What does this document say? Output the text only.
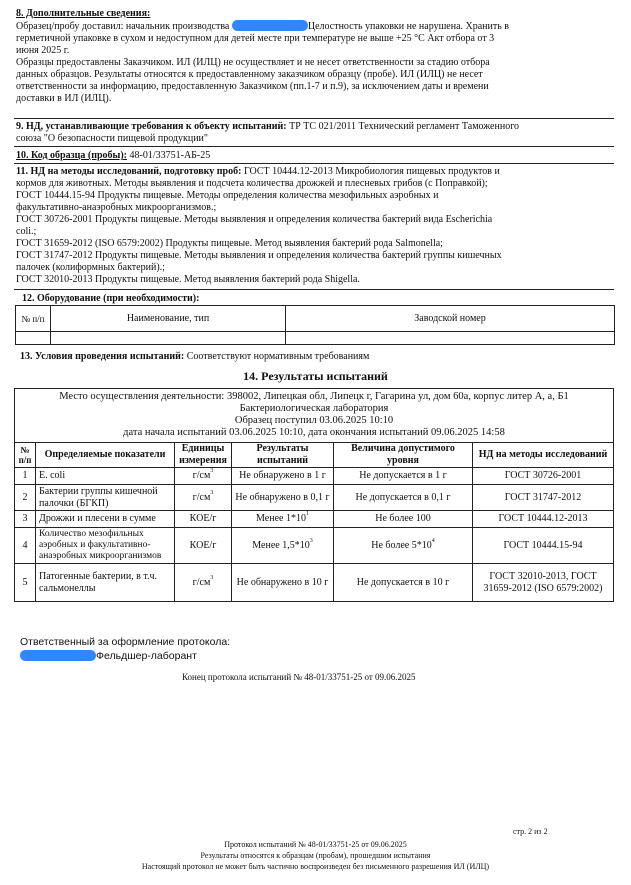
8. Дополнительные сведения:
Образец/пробу доставил: начальник производства	Целостность упаковки не нарушена. Хранить в
герметичной упаковке в сухом и недоступном для детей месте при температуре не выше +25 °С Акт отбора от 3
июня 2025 г.
Образцы предоставлены Заказчиком. ИЛ (ИЛЦ) не осуществляет и не несет ответственности за стадию отбора
данных образцов. Результаты относятся к предоставленному заказчиком образцу (пробе). ИЛ (ИЛЦ) не несет
ответственности за информацию, предоставленную Заказчиком (пп.1-7 и п.9), за исключением даты и времени
доставки в ИЛ (ИЛЦ).
9. НД, устанавливающие требования к объекту испытаний: ТР ТС 021/2011 Технический регламент Таможенного
союза "О безопасности пищевой продукции"
10. Код образца (пробы): 48-01/33751-АБ-25
11. НД на методы исследований, подготовку проб: ГОСТ 10444.12-2013 Микробиология пищевых продуктов и
кормов для животных. Методы выявления и подсчета количества дрожжей и плесневых грибов (с Поправкой);
ГОСТ 10444.15-94 Продукты пищевые. Методы определения количества мезофильных аэробных и
факультативно-анаэробных микроорганизмов.;
ГОСТ 30726-2001 Продукты пищевые. Методы выявления и определения количества бактерий вида Escherichia
coli.;
ГОСТ 31659-2012 (ISO 6579:2002) Продукты пищевые. Метод выявления бактерий рода Salmonella;
ГОСТ 31747-2012 Продукты пищевые. Методы выявления и определения количества бактерий группы кишечных
палочек (колиформных бактерий).;
ГОСТ 32010-2013 Продукты пищевые. Метод выявления бактерий рода Shigella.
12. Оборудование (при необходимости):
№ п/п	Наименование, тип	Заводской номер

13. Условия проведения испытаний: Соответствуют нормативным требованиям
14. Результаты испытаний
Место осуществления деятельности: 398002, Липецкая обл, Липецк г, Гагарина ул, дом 60а, корпус литер А, а, Б1
Бактериологическая лаборатория
Образец поступил 03.06.2025 10:10
дата начала испытаний 03.06.2025 10:10, дата окончания испытаний 09.06.2025 14:58
№ п/п	Определяемые показатели	Единицы измерения	Результаты испытаний	Величина допустимого уровня	НД на методы исследований
1	E. coli	$г/см^3$	Не обнаружено в 1 г	Не допускается в 1 г	ГОСТ 30726-2001
2	Бактерии группы кишечной палочки (БГКП)	$г/см^3$	Не обнаружено в 0,1 г	Не допускается в 0,1 г	ГОСТ 31747-2012
3	Дрожжи и плесени в сумме	КОЕ/г	Менее $1*10^1$	Не более 100	ГОСТ 10444.12-2013
4	Количество мезофильных аэробных и факультативно-анаэробных микроорганизмов	КОЕ/г	Менее $1,5*10^3$	Не более $5*10^4$	ГОСТ 10444.15-94
5	Патогенные бактерии, в т.ч. сальмонеллы	$г/см^3$	Не обнаружено в 10 г	Не допускается в 10 г	ГОСТ 32010-2013, ГОСТ 31659-2012 (ISO 6579:2002)
Ответственный за оформление протокола:
Фельдшер-лаборант
Конец протокола испытаний № 48-01/33751-25 от 09.06.2025
стр. 2 из 2
Протокол испытаний № 48-01/33751-25 от 09.06.2025
Результаты относятся к образцам (пробам), прошедшим испытания
Настоящий протокол не может быть частично воспроизведен без письменного разрешения ИЛ (ИЛЦ)
